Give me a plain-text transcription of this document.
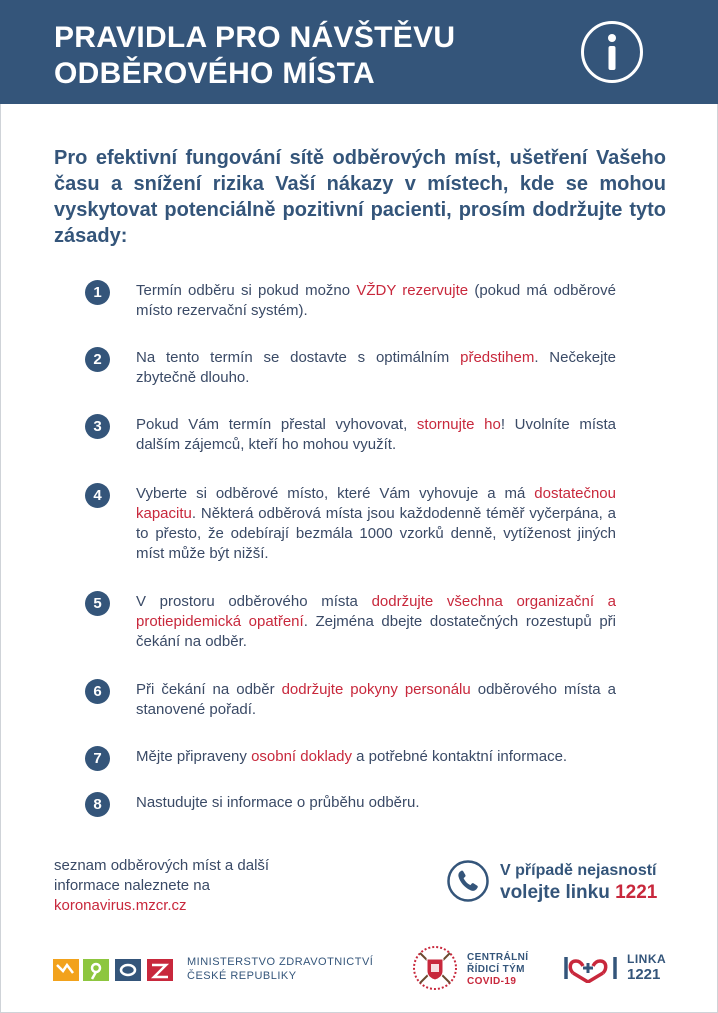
PRAVIDLA PRO NÁVŠTĚVU
ODBĚROVÉHO MÍSTA
Pro efektivní fungování sítě odběrových míst, ušetření Vašeho času a snížení rizika Vaší nákazy v místech, kde se mohou vyskytovat potenciálně pozitivní pacienti, prosím dodržujte tyto zásady:
1	Termín odběru si pokud možno VŽDY rezervujte (pokud má odběrové místo rezervační systém).
2	Na tento termín se dostavte s optimálním předstihem. Nečekejte zbytečně dlouho.
3	Pokud Vám termín přestal vyhovovat, stornujte ho! Uvolníte místa dalším zájemců, kteří ho mohou využít.
4	Vyberte si odběrové místo, které Vám vyhovuje a má dostatečnou kapacitu. Některá odběrová místa jsou každodenně téměř vyčerpána, a to přesto, že odebírají bezmála 1000 vzorků denně, vytíženost jiných míst může být nižší.
5	V prostoru odběrového místa dodržujte všechna organizační a protiepidemická opatření. Zejména dbejte dostatečných rozestupů při čekání na odběr.
6	Při čekání na odběr dodržujte pokyny personálu odběrového místa a stanovené pořadí.
7	Mějte připraveny osobní doklady a potřebné kontaktní informace.
8	Nastudujte si informace o průběhu odběru.
seznam odběrových míst a další
informace naleznete na
koronavirus.mzcr.cz
V případě nejasností
volejte linku 1221
MINISTERSTVO ZDRAVOTNICTVÍ
ČESKÉ REPUBLIKY
CENTRÁLNÍ
ŘÍDICÍ TÝM
COVID-19
LINKA
1221
